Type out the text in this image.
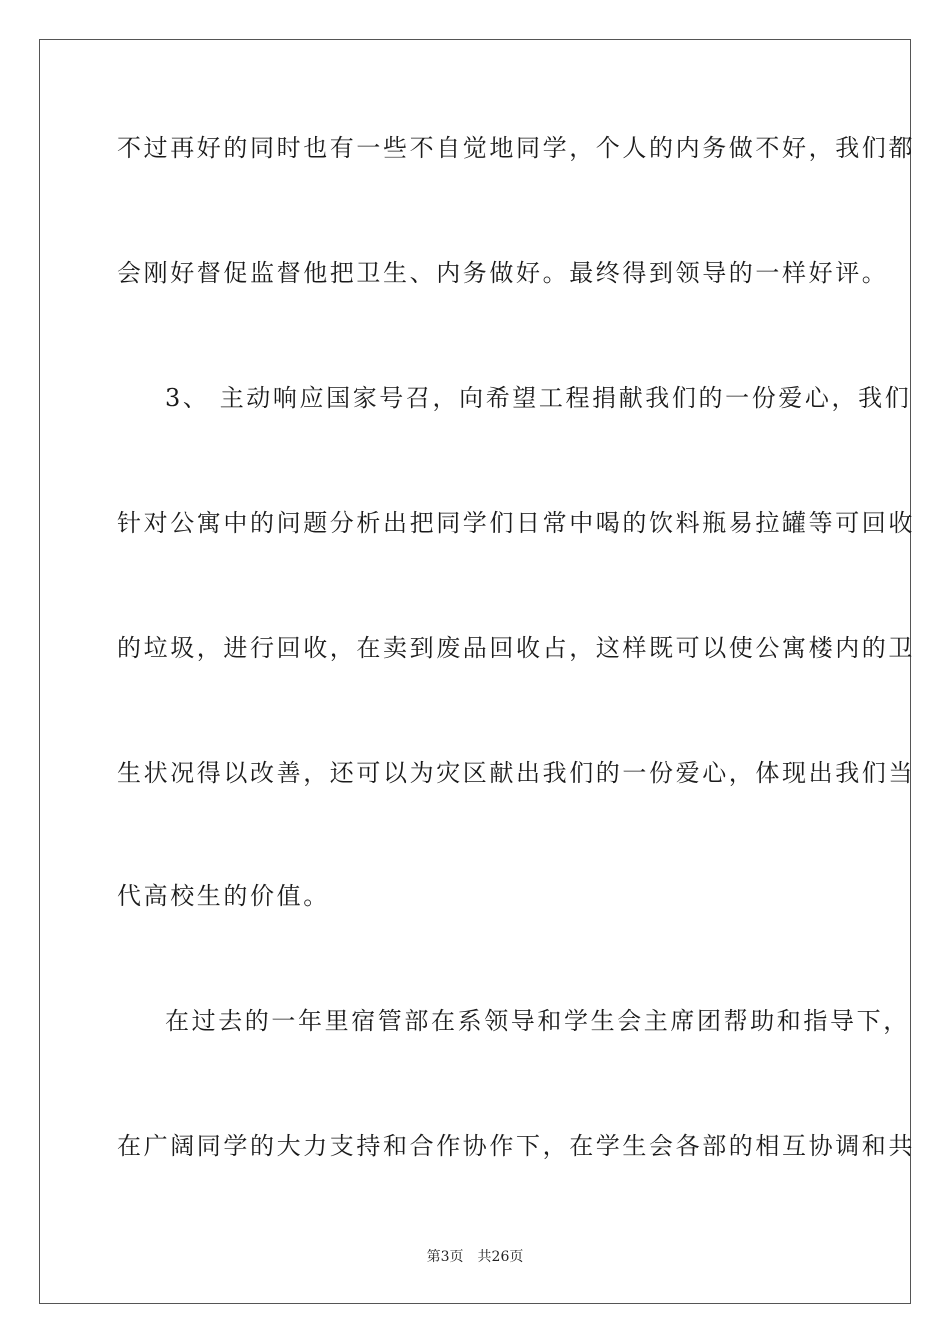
不过再好的同时也有一些不自觉地同学，个人的内务做不好，我们都
会刚好督促监督他把卫生、内务做好。最终得到领导的一样好评。
3、 主动响应国家号召，向希望工程捐献我们的一份爱心，我们
针对公寓中的问题分析出把同学们日常中喝的饮料瓶易拉罐等可回收
的垃圾，进行回收，在卖到废品回收占，这样既可以使公寓楼内的卫
生状况得以改善，还可以为灾区献出我们的一份爱心，体现出我们当
代高校生的价值。
在过去的一年里宿管部在系领导和学生会主席团帮助和指导下，
在广阔同学的大力支持和合作协作下，在学生会各部的相互协调和共
第3页 共26页
